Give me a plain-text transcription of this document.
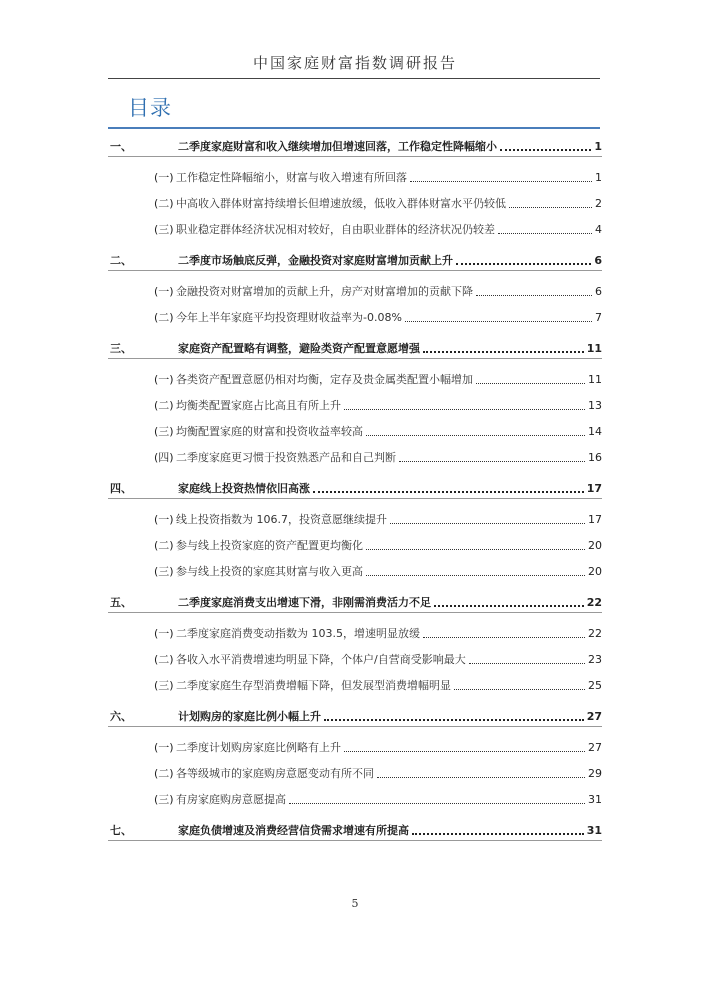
中国家庭财富指数调研报告
目录
一、	二季度家庭财富和收入继续增加但增速回落，工作稳定性降幅缩小	1
(一) 工作稳定性降幅缩小，财富与收入增速有所回落	1
(二) 中高收入群体财富持续增长但增速放缓，低收入群体财富水平仍较低	2
(三) 职业稳定群体经济状况相对较好，自由职业群体的经济状况仍较差	4
二、	二季度市场触底反弹，金融投资对家庭财富增加贡献上升	6
(一) 金融投资对财富增加的贡献上升，房产对财富增加的贡献下降	6
(二) 今年上半年家庭平均投资理财收益率为-0.08%	7
三、	家庭资产配置略有调整，避险类资产配置意愿增强	11
(一) 各类资产配置意愿仍相对均衡，定存及贵金属类配置小幅增加	11
(二) 均衡类配置家庭占比高且有所上升	13
(三) 均衡配置家庭的财富和投资收益率较高	14
(四) 二季度家庭更习惯于投资熟悉产品和自己判断	16
四、	家庭线上投资热情依旧高涨	17
(一) 线上投资指数为 106.7，投资意愿继续提升	17
(二) 参与线上投资家庭的资产配置更均衡化	20
(三) 参与线上投资的家庭其财富与收入更高	20
五、	二季度家庭消费支出增速下滑，非刚需消费活力不足	22
(一) 二季度家庭消费变动指数为 103.5，增速明显放缓	22
(二) 各收入水平消费增速均明显下降，个体户/自营商受影响最大	23
(三) 二季度家庭生存型消费增幅下降，但发展型消费增幅明显	25
六、	计划购房的家庭比例小幅上升	27
(一) 二季度计划购房家庭比例略有上升	27
(二) 各等级城市的家庭购房意愿变动有所不同	29
(三) 有房家庭购房意愿提高	31
七、	家庭负债增速及消费经营信贷需求增速有所提高	31
5
